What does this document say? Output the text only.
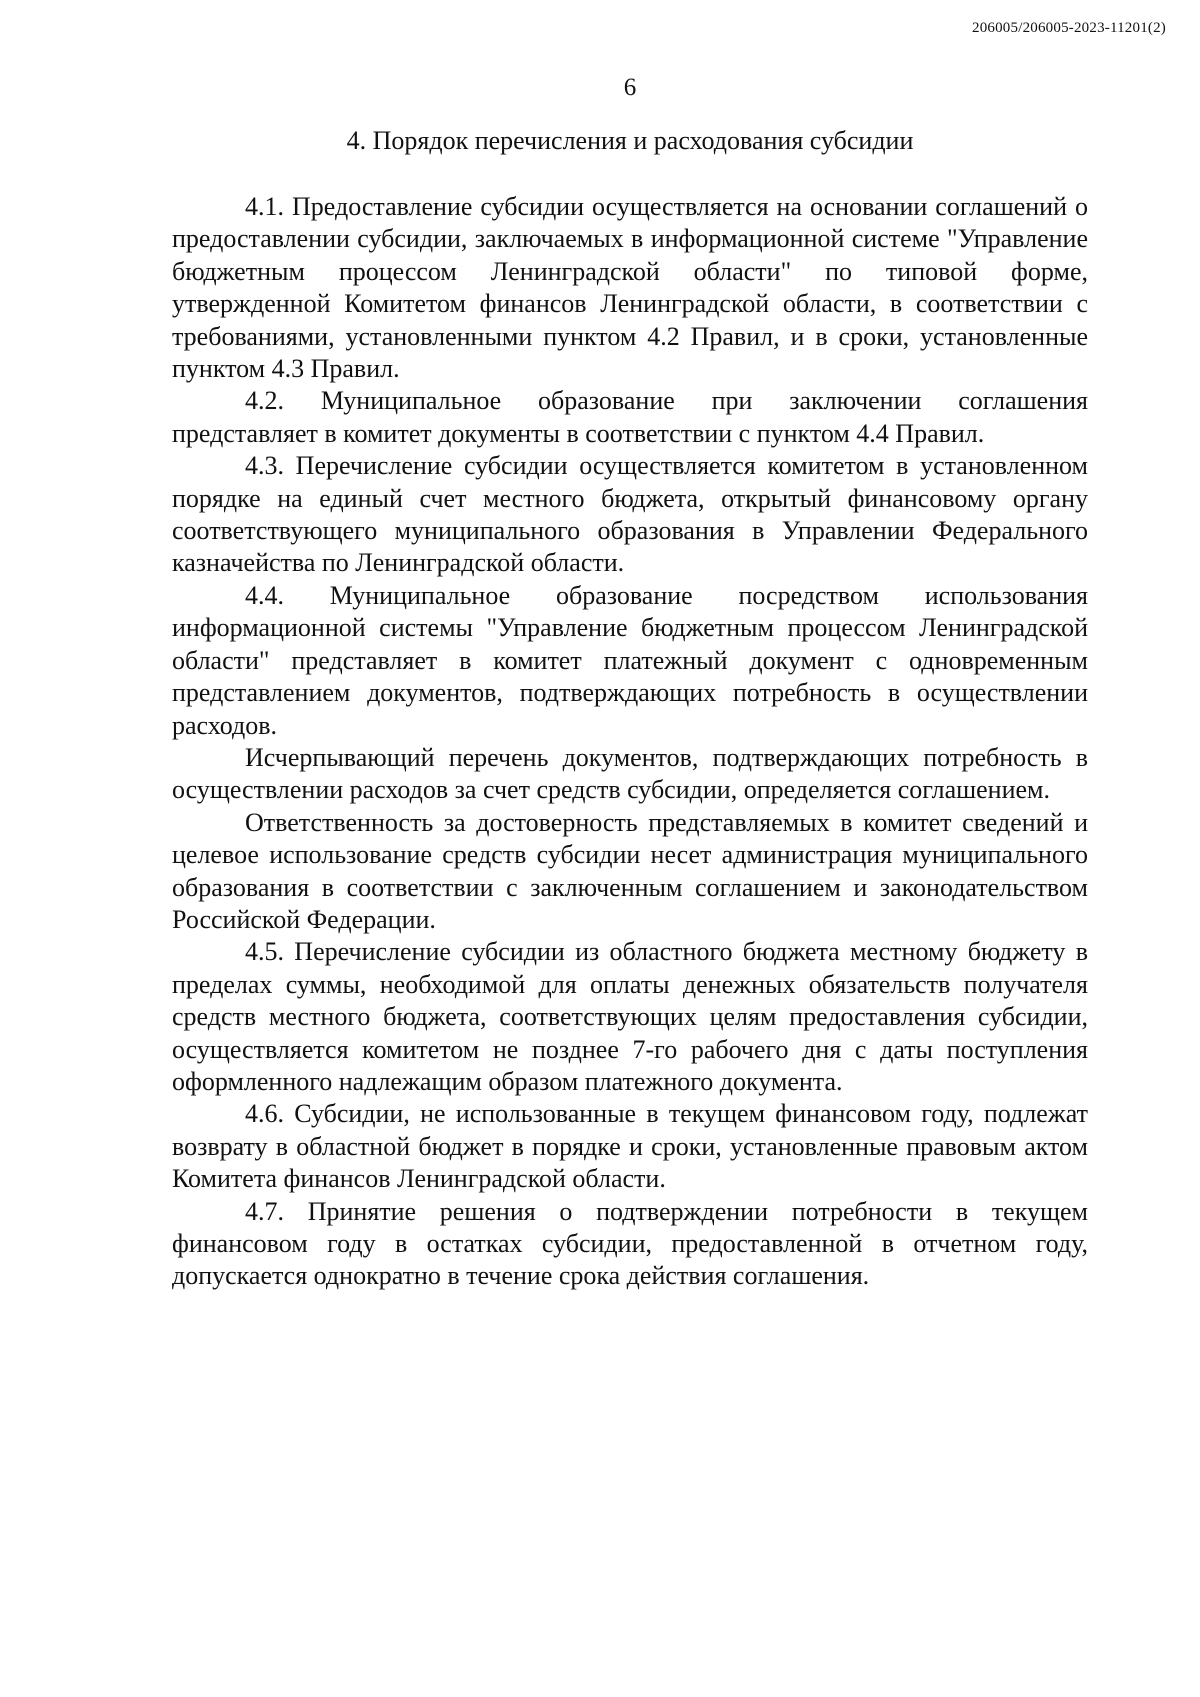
206005/206005-2023-11201(2)
6
4. Порядок перечисления и расходования субсидии

4.1. Предоставление субсидии осуществляется на основании соглашений о предоставлении субсидии, заключаемых в информационной системе "Управление бюджетным процессом Ленинградской области" по типовой форме, утвержденной Комитетом финансов Ленинградской области, в соответствии с требованиями, установленными пунктом 4.2 Правил, и в сроки, установленные пунктом 4.3 Правил.

4.2. Муниципальное образование при заключении соглашения представляет в комитет документы в соответствии с пунктом 4.4 Правил.

4.3. Перечисление субсидии осуществляется комитетом в установленном порядке на единый счет местного бюджета, открытый финансовому органу соответствующего муниципального образования в Управлении Федерального казначейства по Ленинградской области.

4.4. Муниципальное образование посредством использования информационной системы "Управление бюджетным процессом Ленинградской области" представляет в комитет платежный документ с одновременным представлением документов, подтверждающих потребность в осуществлении расходов.

Исчерпывающий перечень документов, подтверждающих потребность в осуществлении расходов за счет средств субсидии, определяется соглашением.

Ответственность за достоверность представляемых в комитет сведений и целевое использование средств субсидии несет администрация муниципального образования в соответствии с заключенным соглашением и законодательством Российской Федерации.

4.5. Перечисление субсидии из областного бюджета местному бюджету в пределах суммы, необходимой для оплаты денежных обязательств получателя средств местного бюджета, соответствующих целям предоставления субсидии, осуществляется комитетом не позднее 7-го рабочего дня с даты поступления оформленного надлежащим образом платежного документа.

4.6. Субсидии, не использованные в текущем финансовом году, подлежат возврату в областной бюджет в порядке и сроки, установленные правовым актом Комитета финансов Ленинградской области.

4.7. Принятие решения о подтверждении потребности в текущем финансовом году в остатках субсидии, предоставленной в отчетном году, допускается однократно в течение срока действия соглашения.
